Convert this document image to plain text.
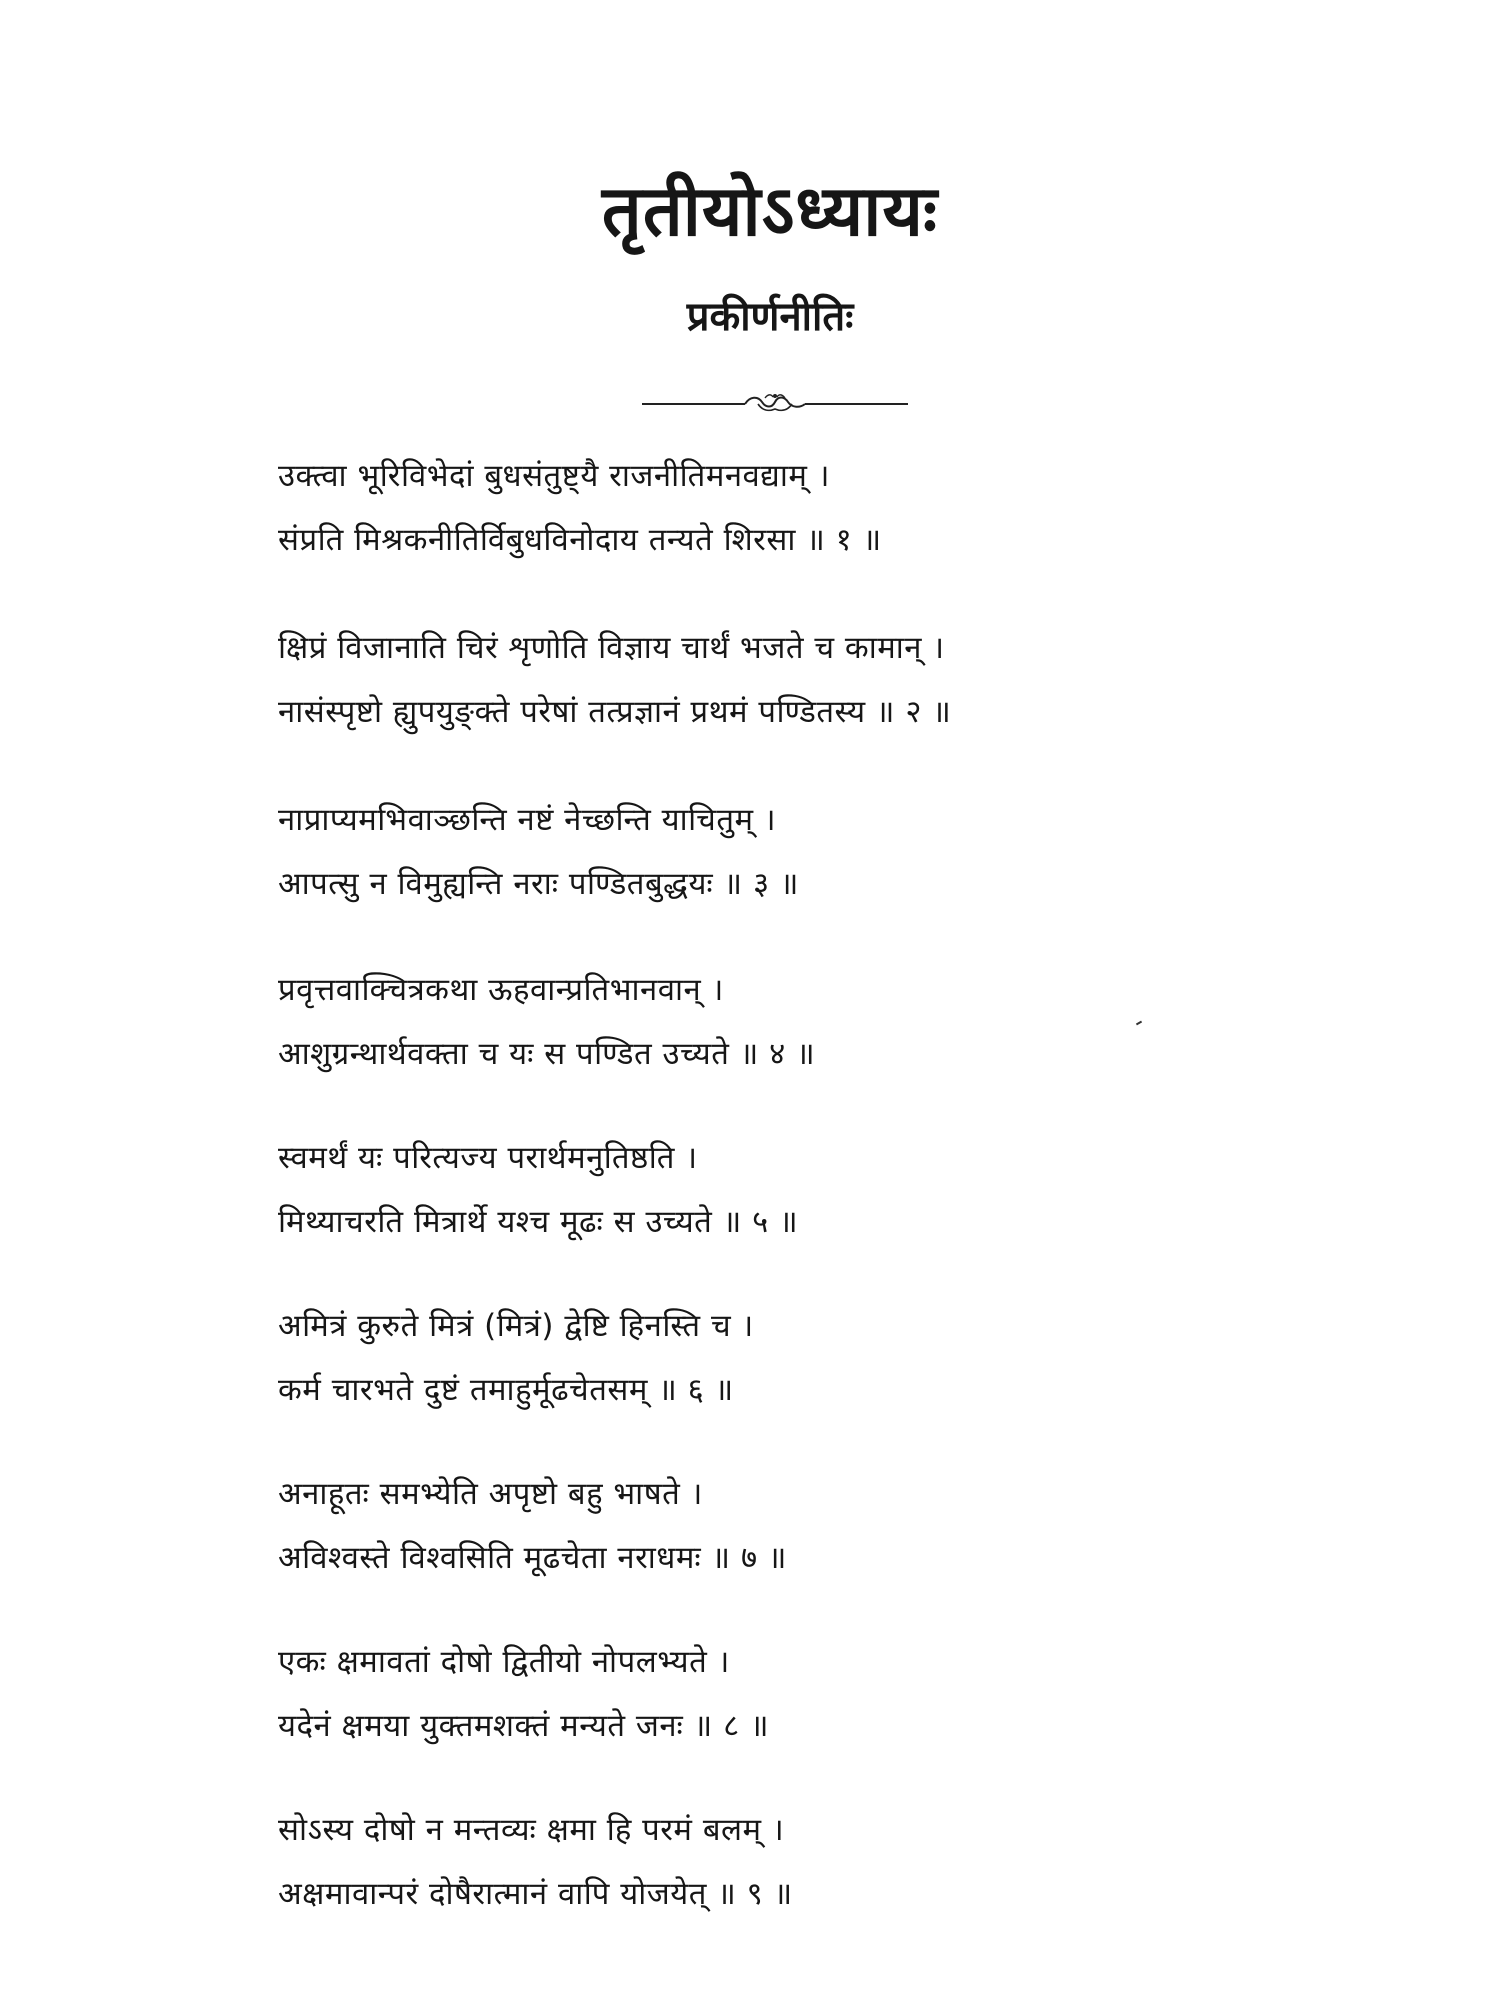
तृतीयोऽध्यायः
प्रकीर्णनीतिः
उक्त्वा भूरिविभेदां बुधसंतुष्ट्यै राजनीतिमनवद्याम् ।
संप्रति मिश्रकनीतिर्विबुधविनोदाय तन्यते शिरसा ॥ १ ॥
क्षिप्रं विजानाति चिरं शृणोति विज्ञाय चार्थं भजते च कामान् ।
नासंस्पृष्टो ह्युपयुङ्क्ते परेषां तत्प्रज्ञानं प्रथमं पण्डितस्य ॥ २ ॥
नाप्राप्यमभिवाञ्छन्ति नष्टं नेच्छन्ति याचितुम् ।
आपत्सु न विमुह्यन्ति नराः पण्डितबुद्धयः ॥ ३ ॥
प्रवृत्तवाक्चित्रकथा ऊहवान्प्रतिभानवान् ।
आशुग्रन्थार्थवक्ता च यः स पण्डित उच्यते ॥ ४ ॥
स्वमर्थं यः परित्यज्य परार्थमनुतिष्ठति ।
मिथ्याचरति मित्रार्थे यश्च मूढः स उच्यते ॥ ५ ॥
अमित्रं कुरुते मित्रं (मित्रं) द्वेष्टि हिनस्ति च ।
कर्म चारभते दुष्टं तमाहुर्मूढचेतसम् ॥ ६ ॥
अनाहूतः समभ्येति अपृष्टो बहु भाषते ।
अविश्वस्ते विश्वसिति मूढचेता नराधमः ॥ ७ ॥
एकः क्षमावतां दोषो द्वितीयो नोपलभ्यते ।
यदेनं क्षमया युक्तमशक्तं मन्यते जनः ॥ ८ ॥
सोऽस्य दोषो न मन्तव्यः क्षमा हि परमं बलम् ।
अक्षमावान्परं दोषैरात्मानं वापि योजयेत् ॥ ९ ॥
